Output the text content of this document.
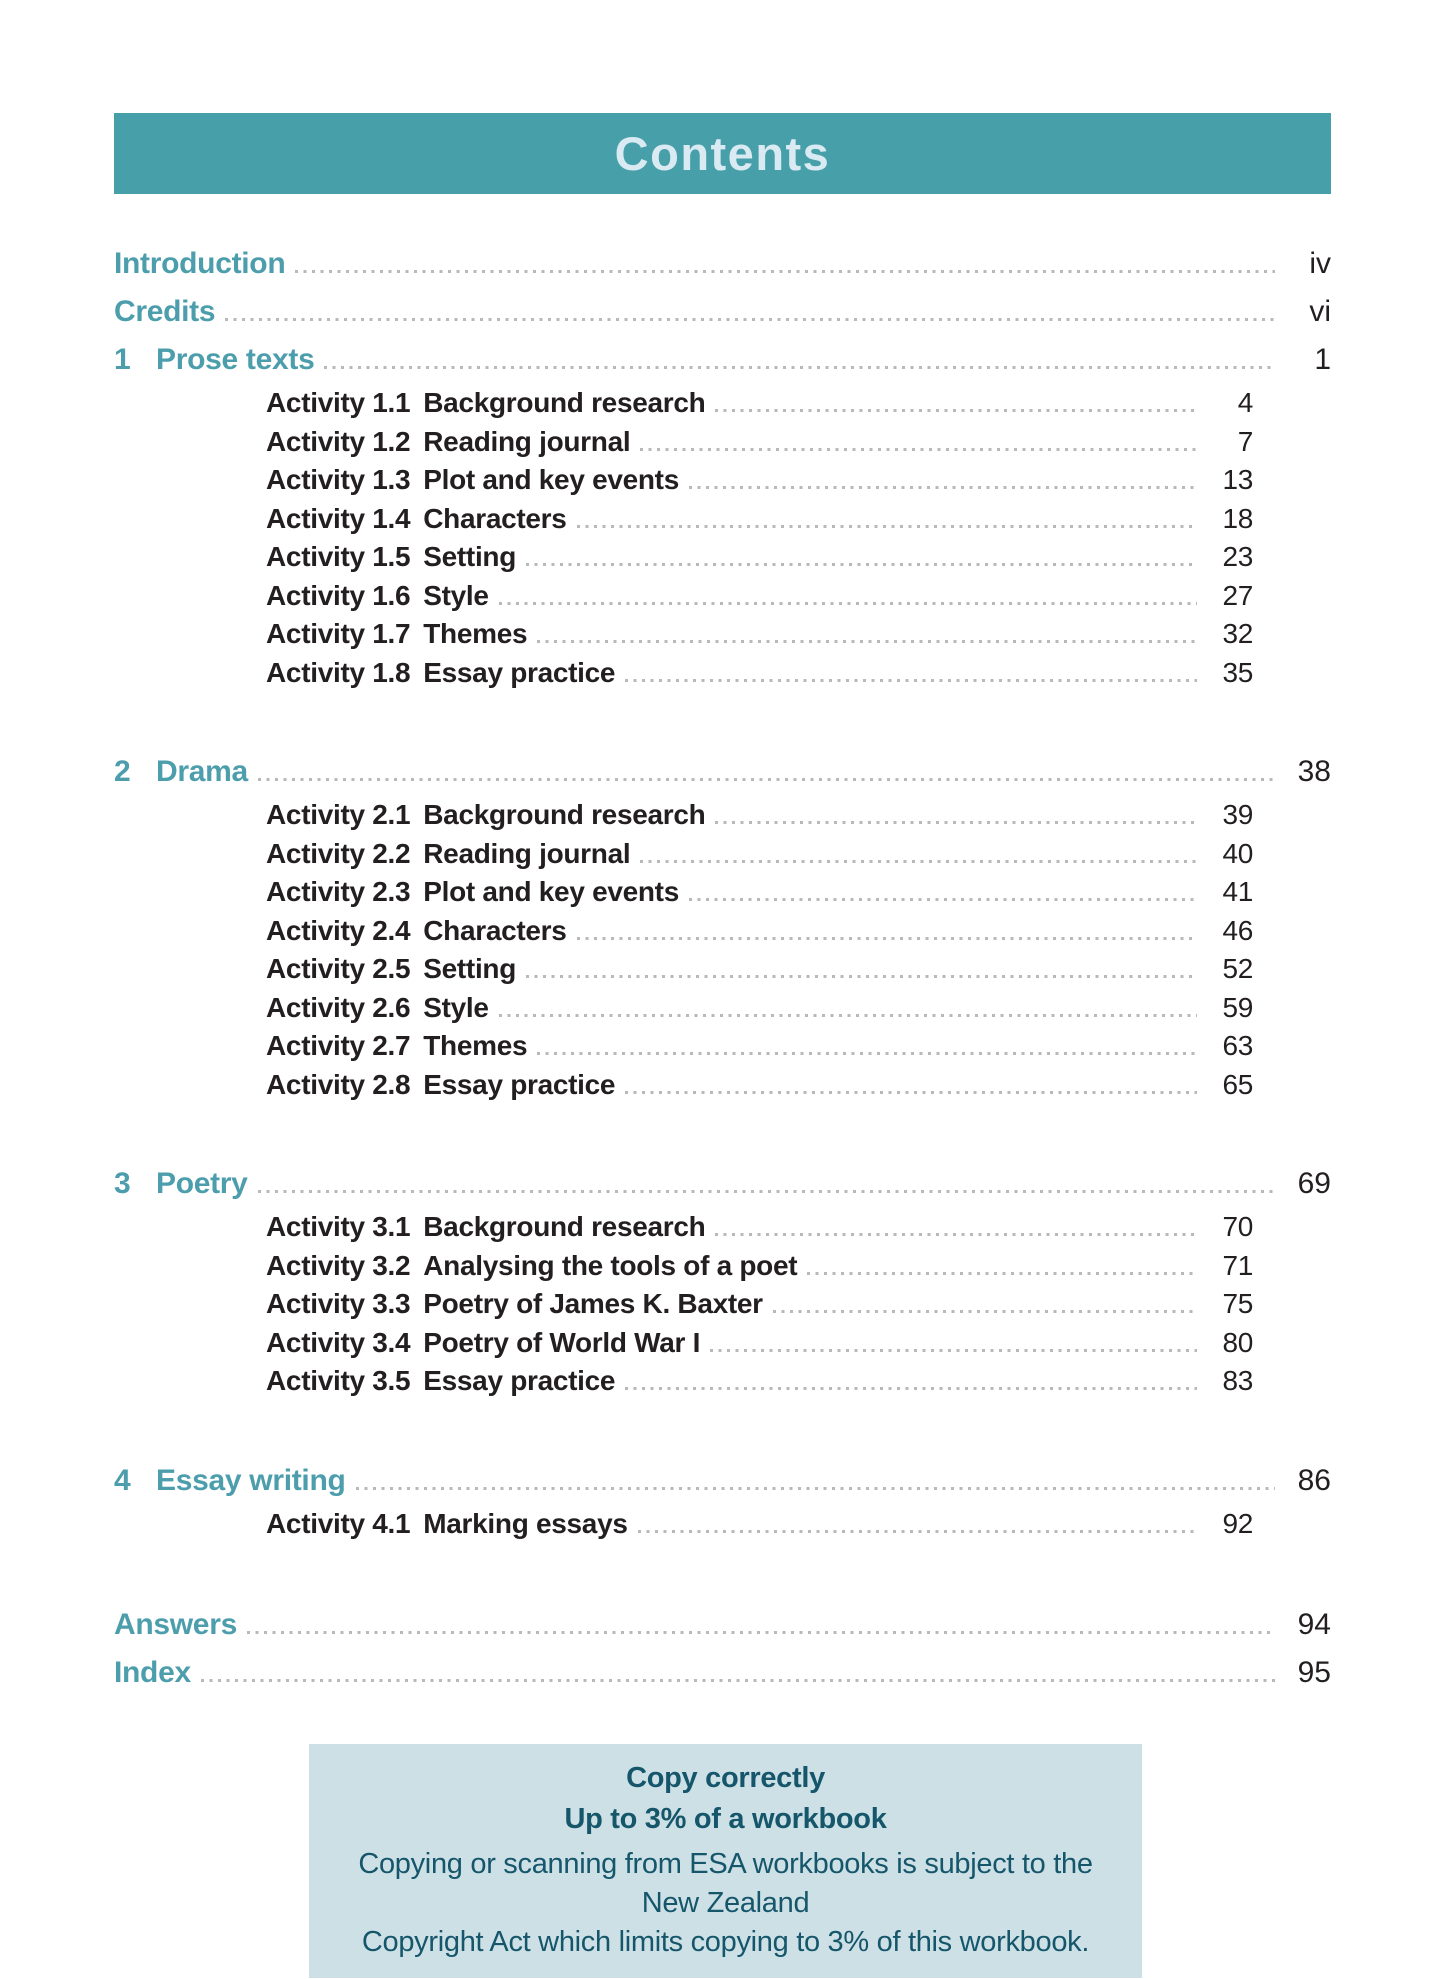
Contents
Introduction	iv
Credits	vi
1 Prose texts	1
Activity 1.1 Background research	4
Activity 1.2 Reading journal	7
Activity 1.3 Plot and key events	13
Activity 1.4 Characters	18
Activity 1.5 Setting	23
Activity 1.6 Style	27
Activity 1.7 Themes	32
Activity 1.8 Essay practice	35
2 Drama	38
Activity 2.1 Background research	39
Activity 2.2 Reading journal	40
Activity 2.3 Plot and key events	41
Activity 2.4 Characters	46
Activity 2.5 Setting	52
Activity 2.6 Style	59
Activity 2.7 Themes	63
Activity 2.8 Essay practice	65
3 Poetry	69
Activity 3.1 Background research	70
Activity 3.2 Analysing the tools of a poet	71
Activity 3.3 Poetry of James K. Baxter	75
Activity 3.4 Poetry of World War I	80
Activity 3.5 Essay practice	83
4 Essay writing	86
Activity 4.1 Marking essays	92
Answers	94
Index	95
Copy correctly
Up to 3% of a workbook
Copying or scanning from ESA workbooks is subject to the New Zealand
Copyright Act which limits copying to 3% of this workbook.
